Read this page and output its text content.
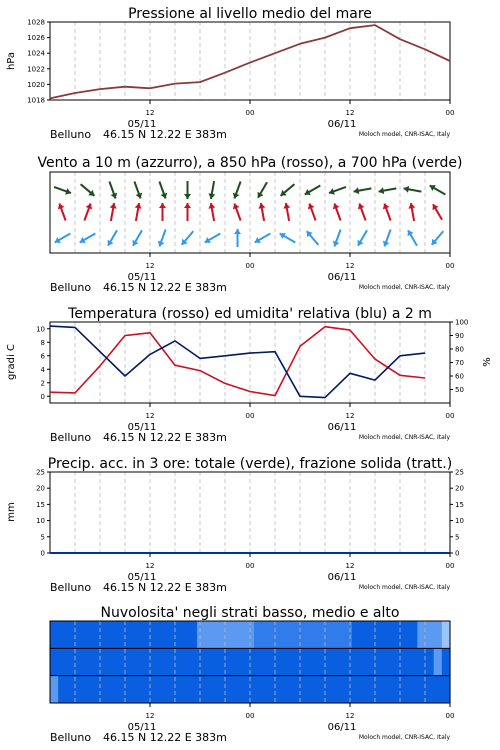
Pressione al livello medio del mare
12	00	12	00
05/11	06/11
Belluno 46.15 N 12.22 E 383m	Moloch model, CNR-ISAC, Italy
1018
1020
1022
1024
1026
1028
hPa
Vento a 10 m (azzurro), a 850 hPa (rosso), a 700 hPa (verde)
12	00	12	00
05/11	06/11
Belluno 46.15 N 12.22 E 383m	Moloch model, CNR-ISAC, Italy
Temperatura (rosso) ed umidita' relativa (blu) a 2 m
12	00	12	00
05/11	06/11
Belluno 46.15 N 12.22 E 383m	Moloch model, CNR-ISAC, Italy
0
2
4
6
8
10
50
60
70
80
90
100
gradi C	%
Precip. acc. in 3 ore: totale (verde), frazione solida (tratt.)
12	00	12	00
05/11	06/11
Belluno 46.15 N 12.22 E 383m	Moloch model, CNR-ISAC, Italy
0
5
10
15
20
25
0
5
10
15
20
25
mm
Nuvolosita' negli strati basso, medio e alto
12	00	12	00
05/11	06/11
Belluno 46.15 N 12.22 E 383m	Moloch model, CNR-ISAC, Italy
